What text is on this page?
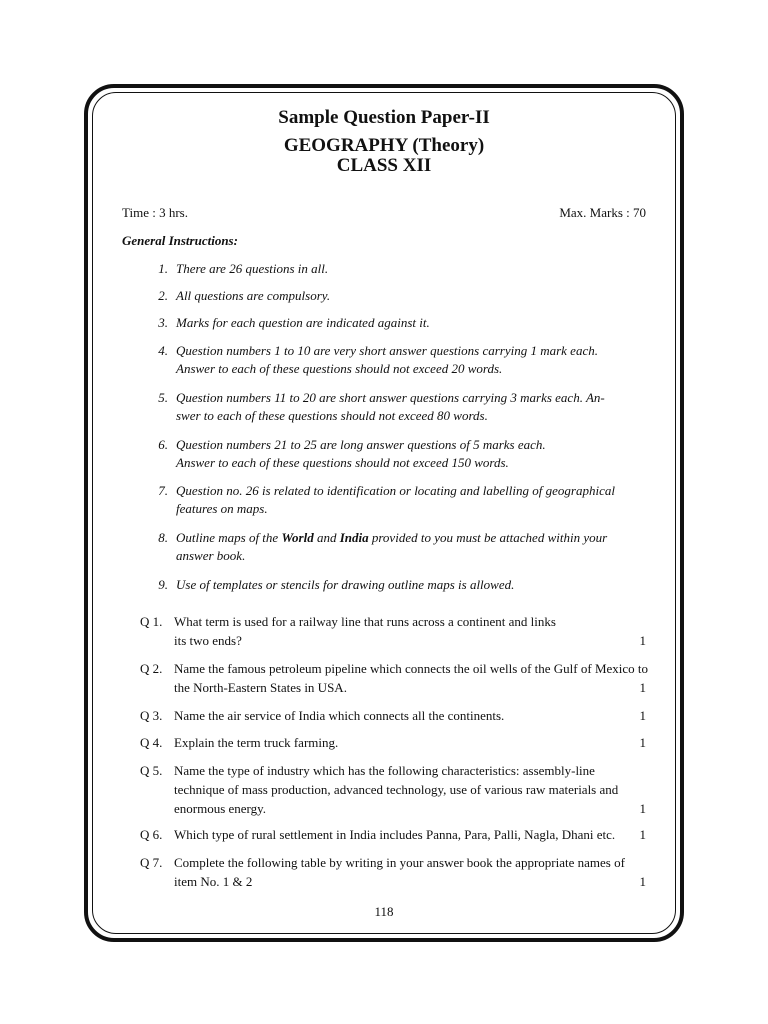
Sample Question Paper-II
GEOGRAPHY (Theory)
CLASS XII
Time : 3 hrs.	Max. Marks : 70
General Instructions:
1. There are 26 questions in all.
2. All questions are compulsory.
3. Marks for each question are indicated against it.
4. Question numbers 1 to 10 are very short answer questions carrying 1 mark each.
Answer to each of these questions should not exceed 20 words.
5. Question numbers 11 to 20 are short answer questions carrying 3 marks each. An-
swer to each of these questions should not exceed 80 words.
6. Question numbers 21 to 25 are long answer questions of 5 marks each.
Answer to each of these questions should not exceed 150 words.
7. Question no. 26 is related to identification or locating and labelling of geographical
features on maps.
8. Outline maps of the World and India provided to you must be attached within your
answer book.
9. Use of templates or stencils for drawing outline maps is allowed.
Q 1. What term is used for a railway line that runs across a continent and links
its two ends?	1
Q 2. Name the famous petroleum pipeline which connects the oil wells of the Gulf of Mexico to
the North-Eastern States in USA.	1
Q 3. Name the air service of India which connects all the continents.	1
Q 4. Explain the term truck farming.	1
Q 5. Name the type of industry which has the following characteristics: assembly-line
technique of mass production, advanced technology, use of various raw materials and
enormous energy.	1
Q 6. Which type of rural settlement in India includes Panna, Para, Palli, Nagla, Dhani etc.	1
Q 7. Complete the following table by writing in your answer book the appropriate names of
item No. 1 & 2	1
118
